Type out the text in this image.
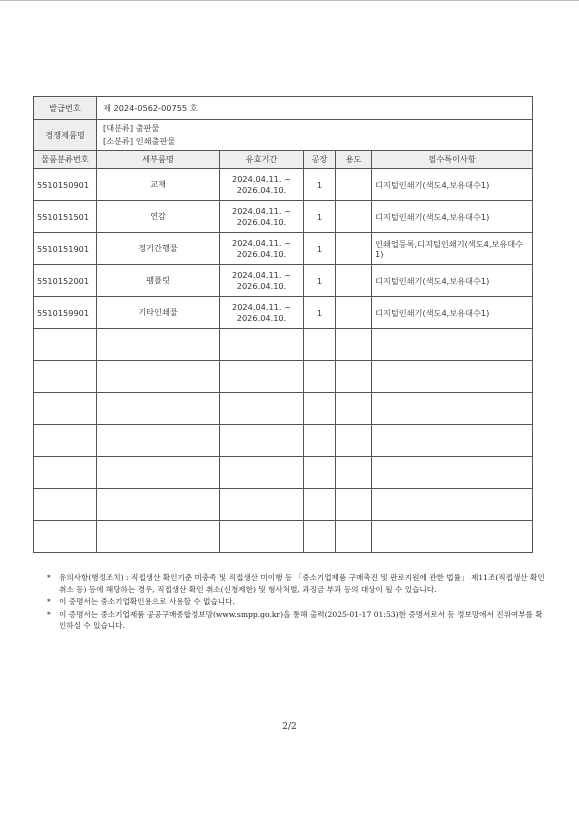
발급번호	제 2024-0562-00755 호				
경쟁제품명	[대분류] 출판물
[소분류] 인쇄출판물				

물품분류번호	세부품명	유효기간	공장	용도	필수특이사항
5510150901	교재	2024.04.11. ~
2026.04.10.	1		디지털인쇄기(색도4,보유대수1)
5510151501	연감	2024.04.11. ~
2026.04.10.	1		디지털인쇄기(색도4,보유대수1)
5510151901	정기간행물	2024.04.11. ~
2026.04.10.	1		인쇄업등록,디지털인쇄기(색도4,보유대수1)
5510152001	팸플릿	2024.04.11. ~
2026.04.10.	1		디지털인쇄기(색도4,보유대수1)
5510159901	기타인쇄물	2024.04.11. ~
2026.04.10.	1		디지털인쇄기(색도4,보유대수1)

* 유의사항(행정조치) : 직접생산 확인기준 미충족 및 직접생산 미이행 등 「중소기업제품 구매촉진 및 판로지원에 관한 법률」 제11조(직접생산 확인 취소 등) 등에 해당하는 경우, 직접생산 확인 취소(신청제한) 및 형사처벌, 과징금 부과 등의 대상이 될 수 있습니다.
* 이 증명서는 중소기업확인용으로 사용할 수 없습니다.
* 이 증명서는 중소기업제품 공공구매종합정보망(www.smpp.go.kr)을 통해 출력(2025-01-17 01:53)한 증명서로서 동 정보망에서 진위여부를 확인하실 수 있습니다.
2/2
